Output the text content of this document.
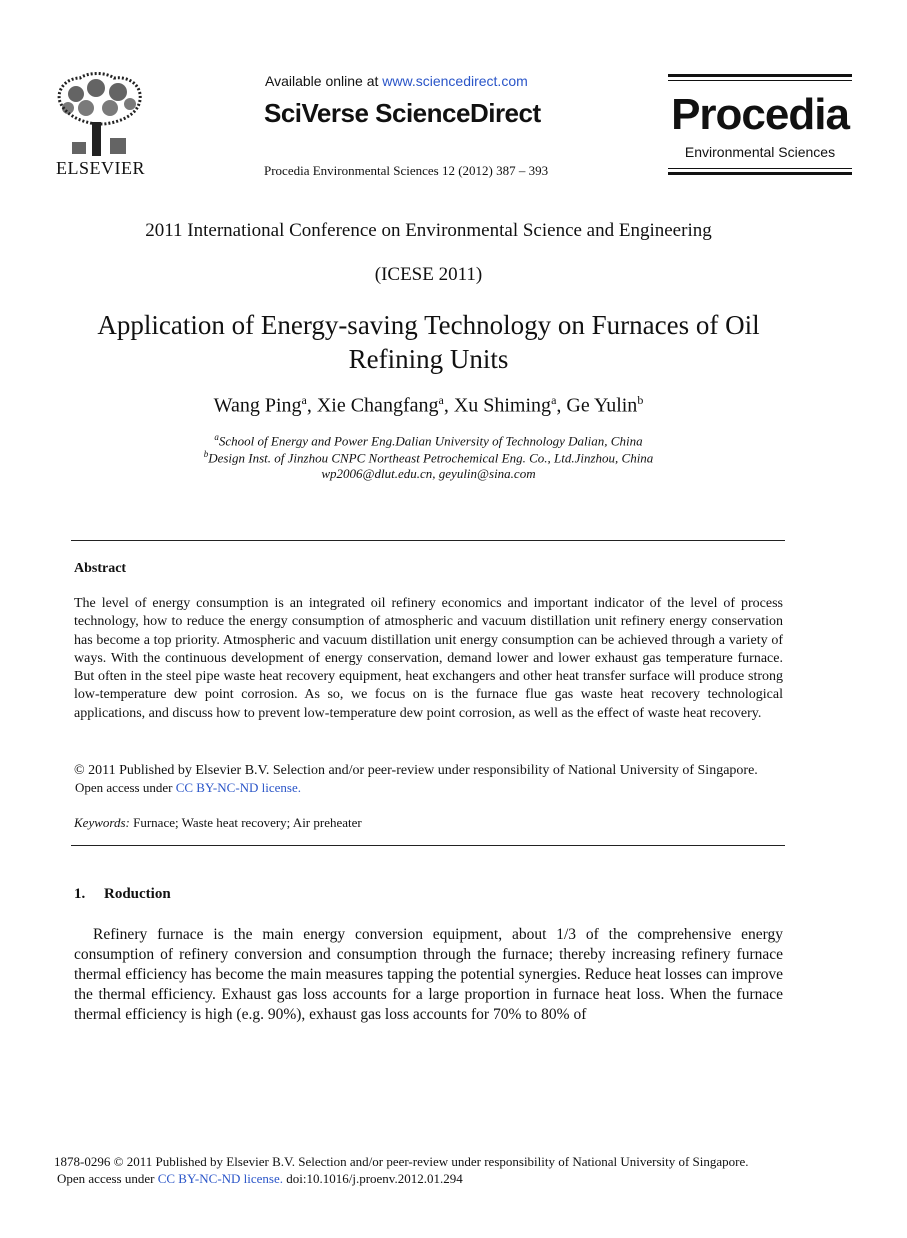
ELSEVIER
Available online at www.sciencedirect.com
SciVerse ScienceDirect
Procedia Environmental Sciences 12 (2012) 387 – 393
Procedia
Environmental Sciences
2011 International Conference on Environmental Science and Engineering
(ICESE 2011)
Application of Energy-saving Technology on Furnaces of Oil Refining Units
Wang Ping$^a$, Xie Changfang$^a$, Xu Shiming$^a$, Ge Yulin$^b$
$^a$School of Energy and Power Eng.Dalian University of Technology Dalian, China
$^b$Design Inst. of Jinzhou CNPC Northeast Petrochemical Eng. Co., Ltd.Jinzhou, China
wp2006@dlut.edu.cn, geyulin@sina.com
Abstract
The level of energy consumption is an integrated oil refinery economics and important indicator of the level of process technology, how to reduce the energy consumption of atmospheric and vacuum distillation unit refinery energy conservation has become a top priority. Atmospheric and vacuum distillation unit energy consumption can be achieved through a variety of ways. With the continuous development of energy conservation, demand lower and lower exhaust gas temperature furnace. But often in the steel pipe waste heat recovery equipment, heat exchangers and other heat transfer surface will produce strong low-temperature dew point corrosion. As so, we focus on is the furnace flue gas waste heat recovery technological applications, and discuss how to prevent low-temperature dew point corrosion, as well as the effect of waste heat recovery.
© 2011 Published by Elsevier B.V. Selection and/or peer-review under responsibility of National University of Singapore.
Open access under CC BY-NC-ND license.
Keywords: Furnace; Waste heat recovery; Air preheater
1. Roduction
Refinery furnace is the main energy conversion equipment, about 1/3 of the comprehensive energy consumption of refinery conversion and consumption through the furnace; thereby increasing refinery furnace thermal efficiency has become the main measures tapping the potential synergies. Reduce heat losses can improve the thermal efficiency. Exhaust gas loss accounts for a large proportion in furnace heat loss. When the furnace thermal efficiency is high (e.g. 90%), exhaust gas loss accounts for 70% to 80% of
1878-0296 © 2011 Published by Elsevier B.V. Selection and/or peer-review under responsibility of National University of Singapore.
Open access under CC BY-NC-ND license. doi:10.1016/j.proenv.2012.01.294
